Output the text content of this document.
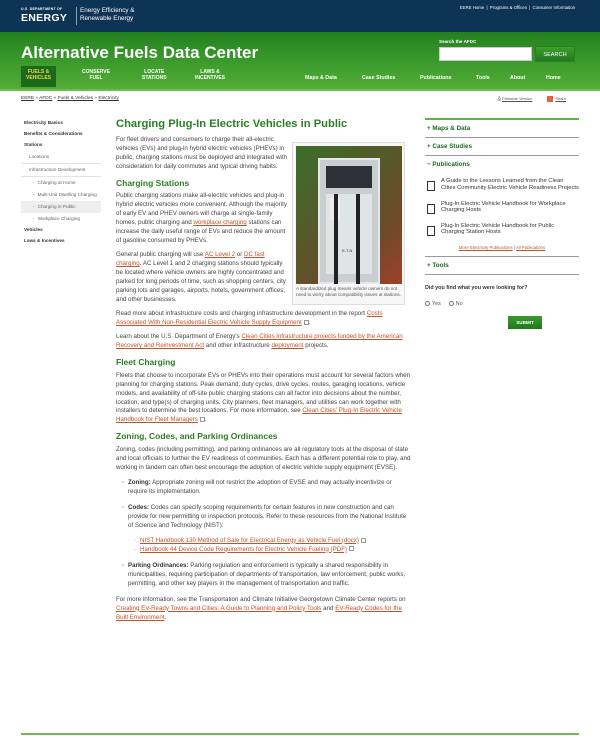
U.S. DEPARTMENT OF
ENERGY
Energy Efficiency &
Renewable Energy
EERE Home | Programs & Offices | Consumer Information
Alternative Fuels Data Center
Search the AFDC
SEARCH
FUELS &
VEHICLES
CONSERVE
FUEL
LOCATE
STATIONS
LAWS &
INCENTIVES	Maps & Data	Case Studies	Publications	Tools	About	Home
EERE » AFDC » Fuels & Vehicles » Electricity	⎙ Printable Version	Share
Electricity Basics
Benefits & Considerations
Stations
Locations
Infrastructure Development
- Charging at Home
- Multi-Unit Dwelling Charging
- Charging in Public
- Workplace Charging
Vehicles
Laws & Incentives
Charging Plug-In Electric Vehicles in Public

For fleet drivers and consumers to charge their all-electric vehicles (EVs) and plug-in hybrid electric vehicles (PHEVs) in public, charging stations must be deployed and integrated with consideration for daily commutes and typical driving habits.

E-T-N
A standardized plug means vehicle owners do not need to worry about compatibility issues at stations.
Charging Stations

Public charging stations make all-electric vehicles and plug-in hybrid electric vehicles more convenient. Although the majority of early EV and PHEV owners will charge at single-family homes, public charging and workplace charging stations can increase the daily useful range of EVs and reduce the amount of gasoline consumed by PHEVs.

General public charging will use AC Level 2 or DC fast charging. AC Level 1 and 2 charging stations should typically be located where vehicle owners are highly concentrated and parked for long periods of time, such as shopping centers, city parking lots and garages, airports, hotels, government offices, and other businesses.

Read more about infrastructure costs and charging infrastructure development in the report Costs Associated With Non-Residential Electric Vehicle Supply Equipment .

Learn about the U.S. Department of Energy's Clean Cities infrastructure projects funded by the American Recovery and Reinvestment Act and other infrastructure deployment projects.

Fleet Charging

Fleets that choose to incorporate EVs or PHEVs into their operations must account for several factors when planning for charging stations. Peak demand, duty cycles, drive cycles, routes, garaging locations, vehicle models, and availability of off-site public charging stations can all factor into decisions about the number, location, and type(s) of charging units. City planners, fleet managers, and utilities can work together with installers to determine the best locations. For more information, see Clean Cities' Plug-In Electric Vehicle Handbook for Fleet Managers .

Zoning, Codes, and Parking Ordinances

Zoning, codes (including permitting), and parking ordinances are all regulatory tools at the disposal of state and local officials to further the EV readiness of communities. Each has a different potential role to play, and working in tandem can often best encourage the adoption of electric vehicle supply equipment (EVSE).

· Zoning: Appropriate zoning will not restrict the adoption of EVSE and may actually incentivize or require its implementation.
· Codes: Codes can specify scoping requirements for certain features in new construction and can provide for new permitting or inspection protocols. Refer to these resources from the National Institute of Science and Technology (NIST):
· NIST Handbook 130 Method of Sale for Electrical Energy as Vehicle Fuel (docx)
· Handbook 44 Device Code Requirements for Electric Vehicle Fueling (PDF)
· Parking Ordinances: Parking regulation and enforcement is typically a shared responsibility in municipalities, requiring participation of departments of transportation, law enforcement, public works, permitting, and other key players in the management of transportation and traffic.

For more information, see the Transportation and Climate Initiative Georgetown Climate Center reports on Creating EV-Ready Towns and Cities: A Guide to Planning and Policy Tools and EV-Ready Codes for the Built Environment.

+ Maps & Data
+ Case Studies
− Publications
A Guide to the Lessons Learned from the Clean Cities Community Electric Vehicle Readiness Projects
Plug-In Electric Vehicle Handbook for Workplace Charging Hosts
Plug-In Electric Vehicle Handbook for Public Charging Station Hosts
More Electricity Publications | All Publications
+ Tools
Did you find what you were looking for?
Yes	No
SUBMIT
